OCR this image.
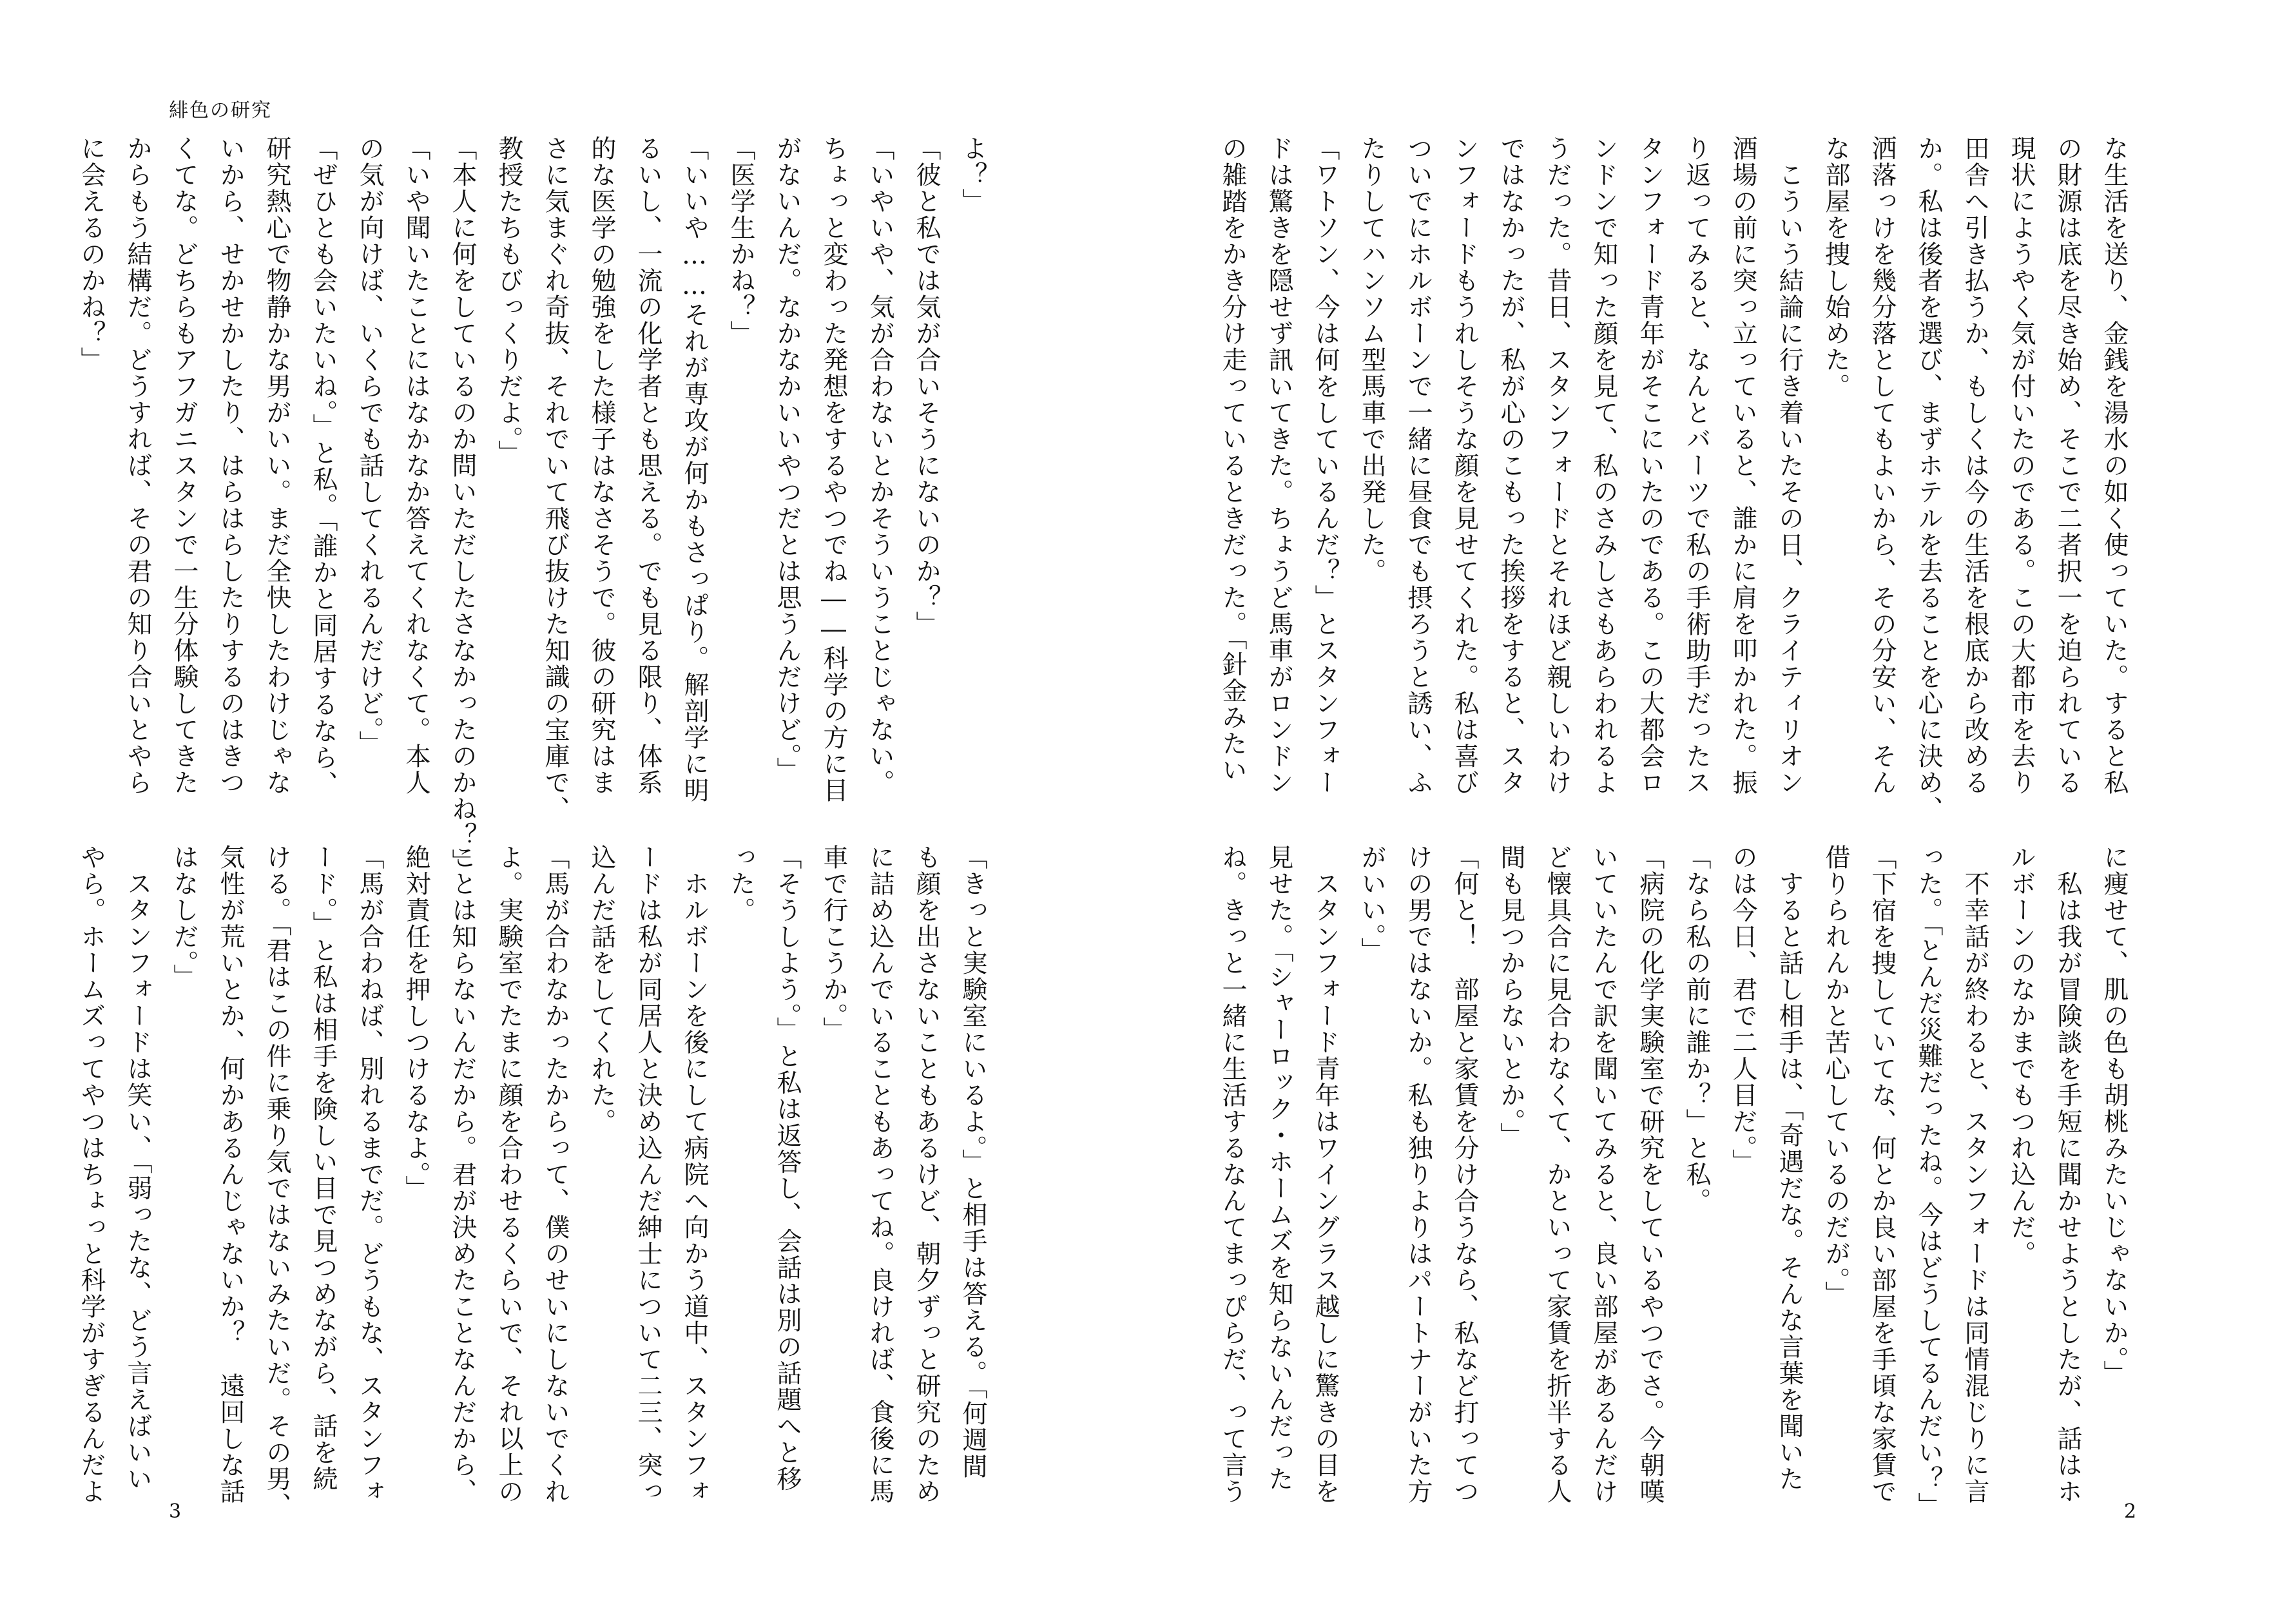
緋色の研究
よ？」
「彼と私では気が合いそうにないのか？」
「いやいや、気が合わないとかそういうことじゃない。
ちょっと変わった発想をするやつでね――科学の方に目
がないんだ。なかなかいいやつだとは思うんだけど。」
「医学生かね？」
「いいや……それが専攻が何かもさっぱり。解剖学に明
るいし、一流の化学者とも思える。でも見る限り、体系
的な医学の勉強をした様子はなさそうで。彼の研究はま
さに気まぐれ奇抜、それでいて飛び抜けた知識の宝庫で、
教授たちもびっくりだよ。」
「本人に何をしているのか問いただしたさなかったのかね？」
「いや聞いたことにはなかなか答えてくれなくて。本人
の気が向けば、いくらでも話してくれるんだけど。」
「ぜひとも会いたいね。」と私。「誰かと同居するなら、
研究熱心で物静かな男がいい。まだ全快したわけじゃな
いから、せかせかしたり、はらはらしたりするのはきつ
くてな。どちらもアフガニスタンで一生分体験してきた
からもう結構だ。どうすれば、その君の知り合いとやら
に会えるのかね？」
「きっと実験室にいるよ。」と相手は答える。「何週間
も顔を出さないこともあるけど、朝夕ずっと研究のため
に詰め込んでいることもあってね。良ければ、食後に馬
車で行こうか。」
「そうしよう。」と私は返答し、会話は別の話題へと移
った。
　ホルボーンを後にして病院へ向かう道中、スタンフォ
ードは私が同居人と決め込んだ紳士について二三、突っ
込んだ話をしてくれた。
「馬が合わなかったからって、僕のせいにしないでくれ
よ。実験室でたまに顔を合わせるくらいで、それ以上の
ことは知らないんだから。君が決めたことなんだから、
絶対責任を押しつけるなよ。」
「馬が合わねば、別れるまでだ。どうもな、スタンフォ
ード。」と私は相手を険しい目で見つめながら、話を続
ける。「君はこの件に乗り気ではないみたいだ。その男、
気性が荒いとか、何かあるんじゃないか？　遠回しな話
はなしだ。」
　スタンフォードは笑い、「弱ったな、どう言えばいい
やら。ホームズってやつはちょっと科学がすぎるんだよ
3
な生活を送り、金銭を湯水の如く使っていた。すると私
の財源は底を尽き始め、そこで二者択一を迫られている
現状にようやく気が付いたのである。この大都市を去り
田舎へ引き払うか、もしくは今の生活を根底から改める
か。私は後者を選び、まずホテルを去ることを心に決め、
洒落っけを幾分落としてもよいから、その分安い、そん
な部屋を捜し始めた。
　こういう結論に行き着いたその日、クライティリオン
酒場の前に突っ立っていると、誰かに肩を叩かれた。振
り返ってみると、なんとバーツで私の手術助手だったス
タンフォード青年がそこにいたのである。この大都会ロ
ンドンで知った顔を見て、私のさみしさもあらわれるよ
うだった。昔日、スタンフォードとそれほど親しいわけ
ではなかったが、私が心のこもった挨拶をすると、スタ
ンフォードもうれしそうな顔を見せてくれた。私は喜び
ついでにホルボーンで一緒に昼食でも摂ろうと誘い、ふ
たりしてハンソム型馬車で出発した。
「ワトソン、今は何をしているんだ？」とスタンフォー
ドは驚きを隠せず訊いてきた。ちょうど馬車がロンドン
の雑踏をかき分け走っているときだった。「針金みたい
に痩せて、肌の色も胡桃みたいじゃないか。」
　私は我が冒険談を手短に聞かせようとしたが、話はホ
ルボーンのなかまでもつれ込んだ。
　不幸話が終わると、スタンフォードは同情混じりに言
った。「とんだ災難だったね。今はどうしてるんだい？」
「下宿を捜していてな、何とか良い部屋を手頃な家賃で
借りられんかと苦心しているのだが。」
　すると話し相手は、「奇遇だな。そんな言葉を聞いた
のは今日、君で二人目だ。」
「なら私の前に誰か？」と私。
「病院の化学実験室で研究をしているやつでさ。今朝嘆
いていたんで訳を聞いてみると、良い部屋があるんだけ
ど懐具合に見合わなくて、かといって家賃を折半する人
間も見つからないとか。」
「何と！　部屋と家賃を分け合うなら、私など打ってつ
けの男ではないか。私も独りよりはパートナーがいた方
がいい。」
　スタンフォード青年はワイングラス越しに驚きの目を
見せた。「シャーロック・ホームズを知らないんだった
ね。きっと一緒に生活するなんてまっぴらだ、って言う
2
